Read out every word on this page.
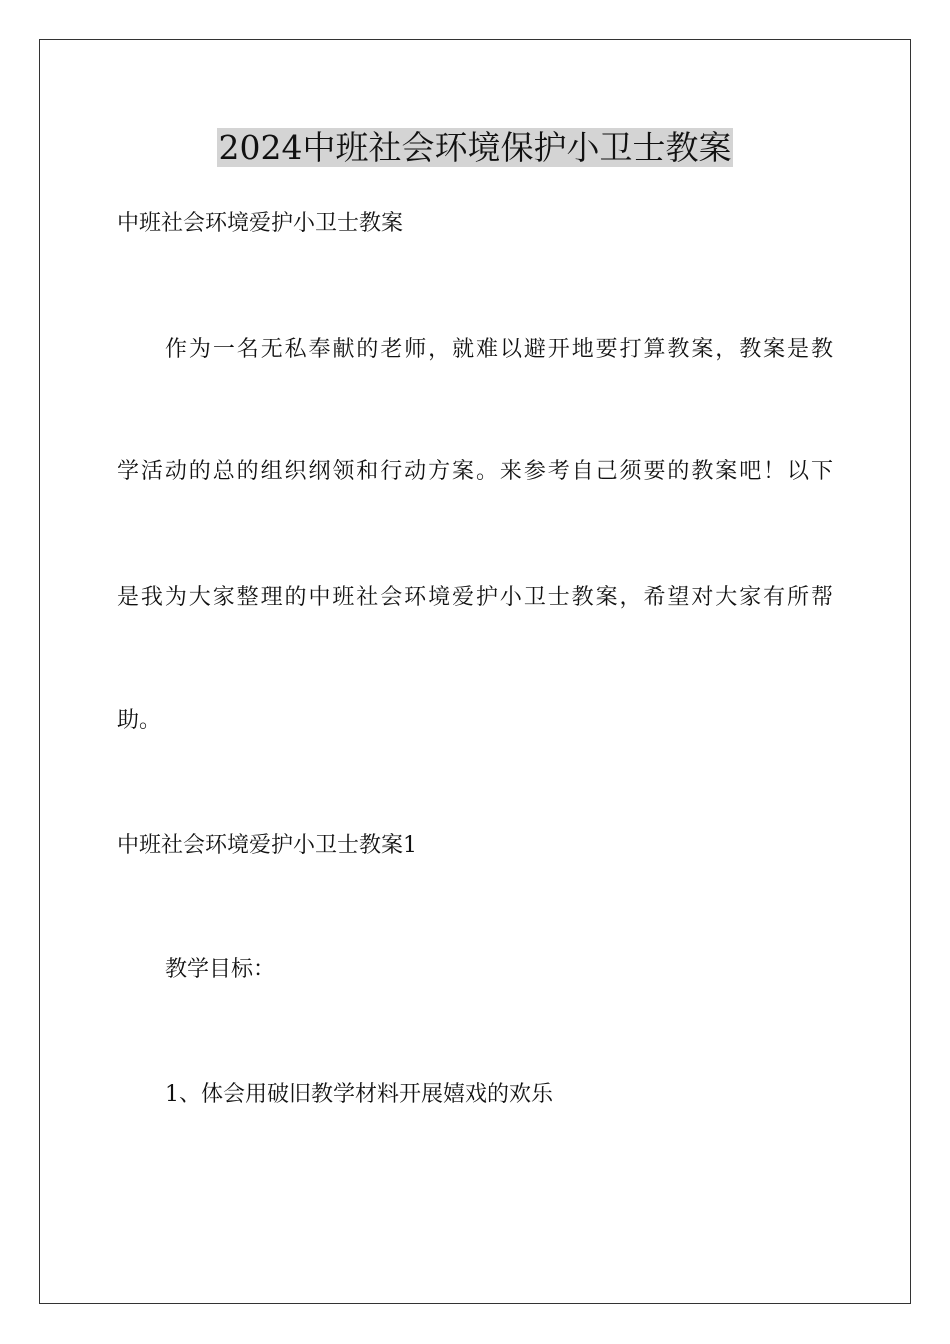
2024中班社会环境保护小卫士教案
中班社会环境爱护小卫士教案
作为一名无私奉献的老师，就难以避开地要打算教案，教案是教
学活动的总的组织纲领和行动方案。来参考自己须要的教案吧！以下
是我为大家整理的中班社会环境爱护小卫士教案，希望对大家有所帮
助。
中班社会环境爱护小卫士教案1
教学目标：
1、体会用破旧教学材料开展嬉戏的欢乐
